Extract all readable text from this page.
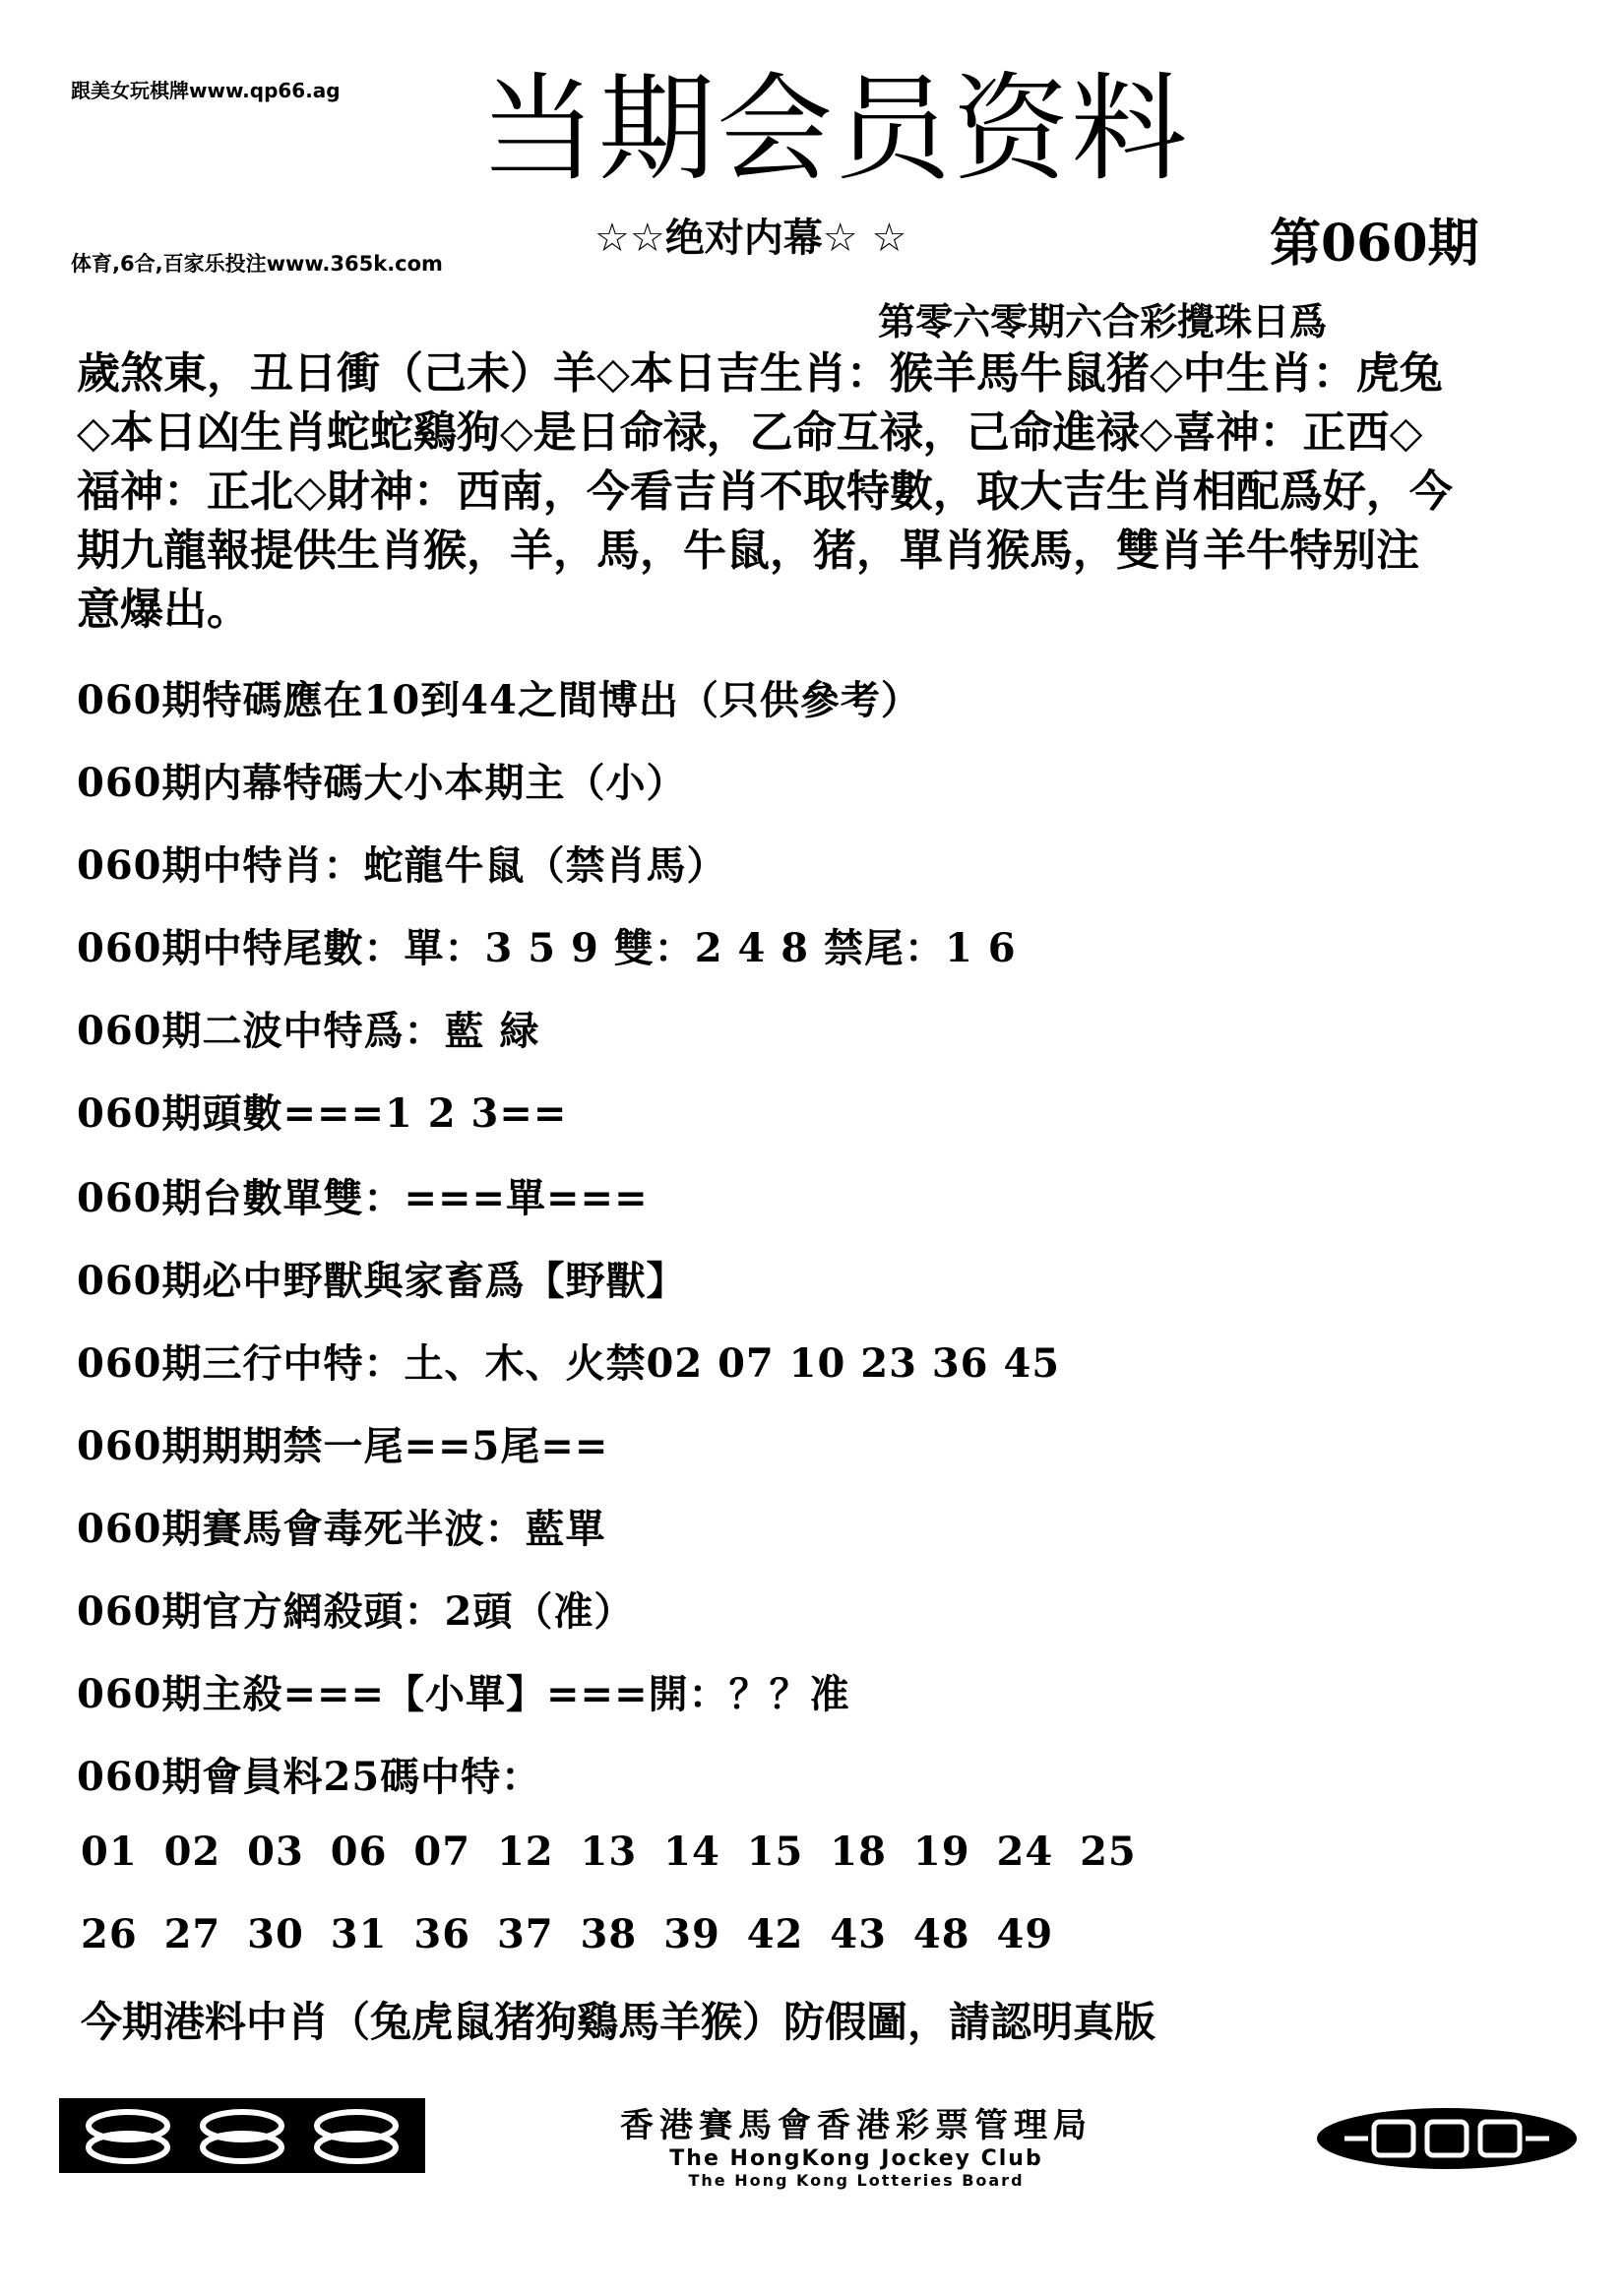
跟美女玩棋牌www.qp66.ag
体育,6合,百家乐投注www.365k.com
当期会员资料
☆☆绝对内幕☆ ☆	第060期
第零六零期六合彩攪珠日爲

歲煞東，丑日衝（己未）羊◇本日吉生肖：猴羊馬牛鼠猪◇中生肖：虎兔◇本日凶生肖蛇蛇鷄狗◇是日命禄，乙命互禄，己命進禄◇喜神：正西◇福神：正北◇財神：西南，今看吉肖不取特數，取大吉生肖相配爲好，今期九龍報提供生肖猴，羊，馬，牛鼠，猪，單肖猴馬，雙肖羊牛特别注意爆出。

060期特碼應在10到44之間博出（只供參考）
060期内幕特碼大小本期主（小）
060期中特肖：蛇龍牛鼠（禁肖馬）
060期中特尾數：單：3 5 9 雙：2 4 8 禁尾：1 6
060期二波中特爲：藍 緑
060期頭數===1 2 3==
060期台數單雙：===單===
060期必中野獸與家畜爲【野獸】
060期三行中特：土、木、火禁02 07 10 23 36 45
060期期期禁一尾==5尾==
060期賽馬會毒死半波：藍單
060期官方網殺頭：2頭（准）
060期主殺===【小單】===開：？？准
060期會員料25碼中特：
01 02 03 06 07 12 13 14 15 18 19 24 25
26 27 30 31 36 37 38 39 42 43 48 49
今期港料中肖（兔虎鼠猪狗鷄馬羊猴）防假圖，請認明真版
香港賽馬會香港彩票管理局
The HongKong Jockey Club
The Hong Kong Lotteries Board
